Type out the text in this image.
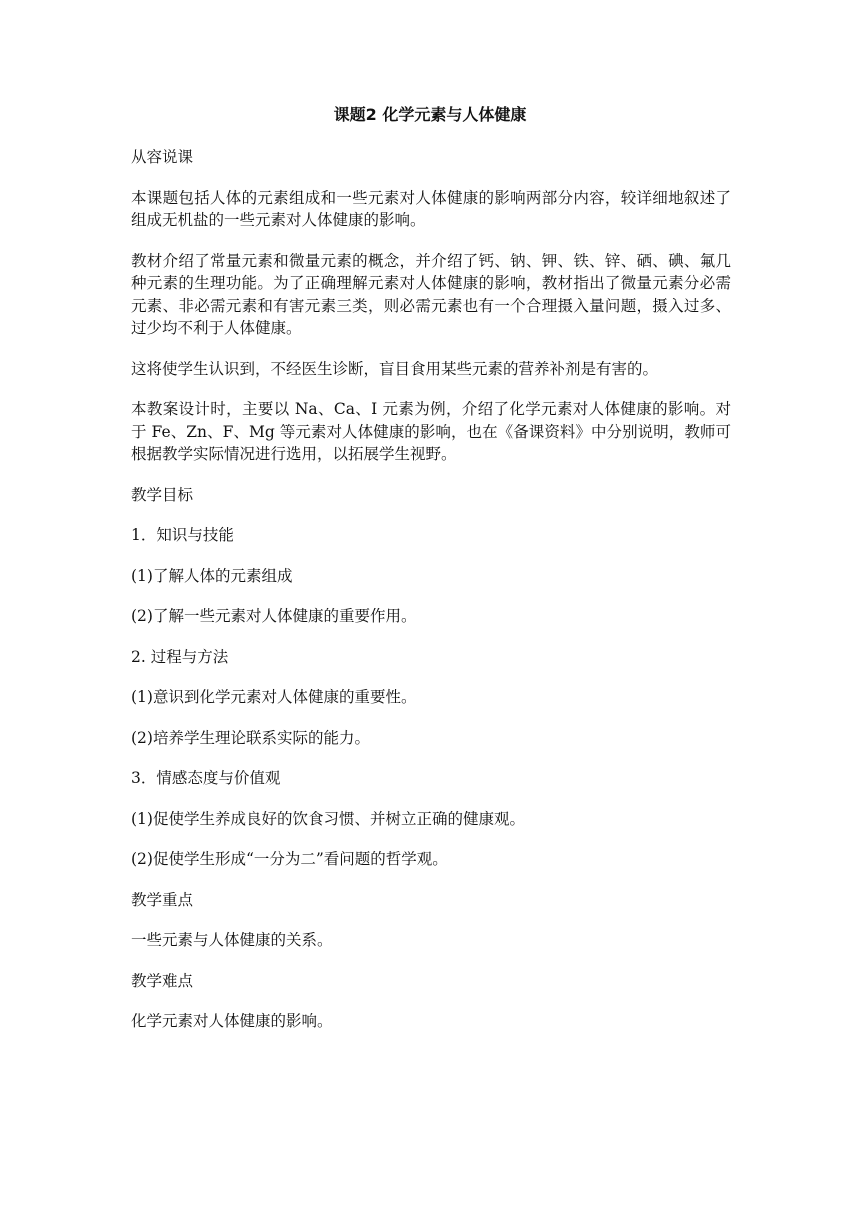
课题2 化学元素与人体健康

从容说课

本课题包括人体的元素组成和一些元素对人体健康的影响两部分内容，较详细地叙述了组成无机盐的一些元素对人体健康的影响。

教材介绍了常量元素和微量元素的概念，并介绍了钙、钠、钾、铁、锌、硒、碘、氟几种元素的生理功能。为了正确理解元素对人体健康的影响，教材指出了微量元素分必需元素、非必需元素和有害元素三类，则必需元素也有一个合理摄入量问题，摄入过多、过少均不利于人体健康。

这将使学生认识到，不经医生诊断，盲目食用某些元素的营养补剂是有害的。

本教案设计时，主要以 Na、Ca、I 元素为例，介绍了化学元素对人体健康的影响。对于 Fe、Zn、F、Mg 等元素对人体健康的影响，也在《备课资料》中分别说明，教师可根据教学实际情况进行选用，以拓展学生视野。

教学目标

1．知识与技能

(1)了解人体的元素组成

(2)了解一些元素对人体健康的重要作用。

2. 过程与方法

(1)意识到化学元素对人体健康的重要性。

(2)培养学生理论联系实际的能力。

3．情感态度与价值观

(1)促使学生养成良好的饮食习惯、并树立正确的健康观。

(2)促使学生形成“一分为二”看问题的哲学观。

教学重点

一些元素与人体健康的关系。

教学难点

化学元素对人体健康的影响。
